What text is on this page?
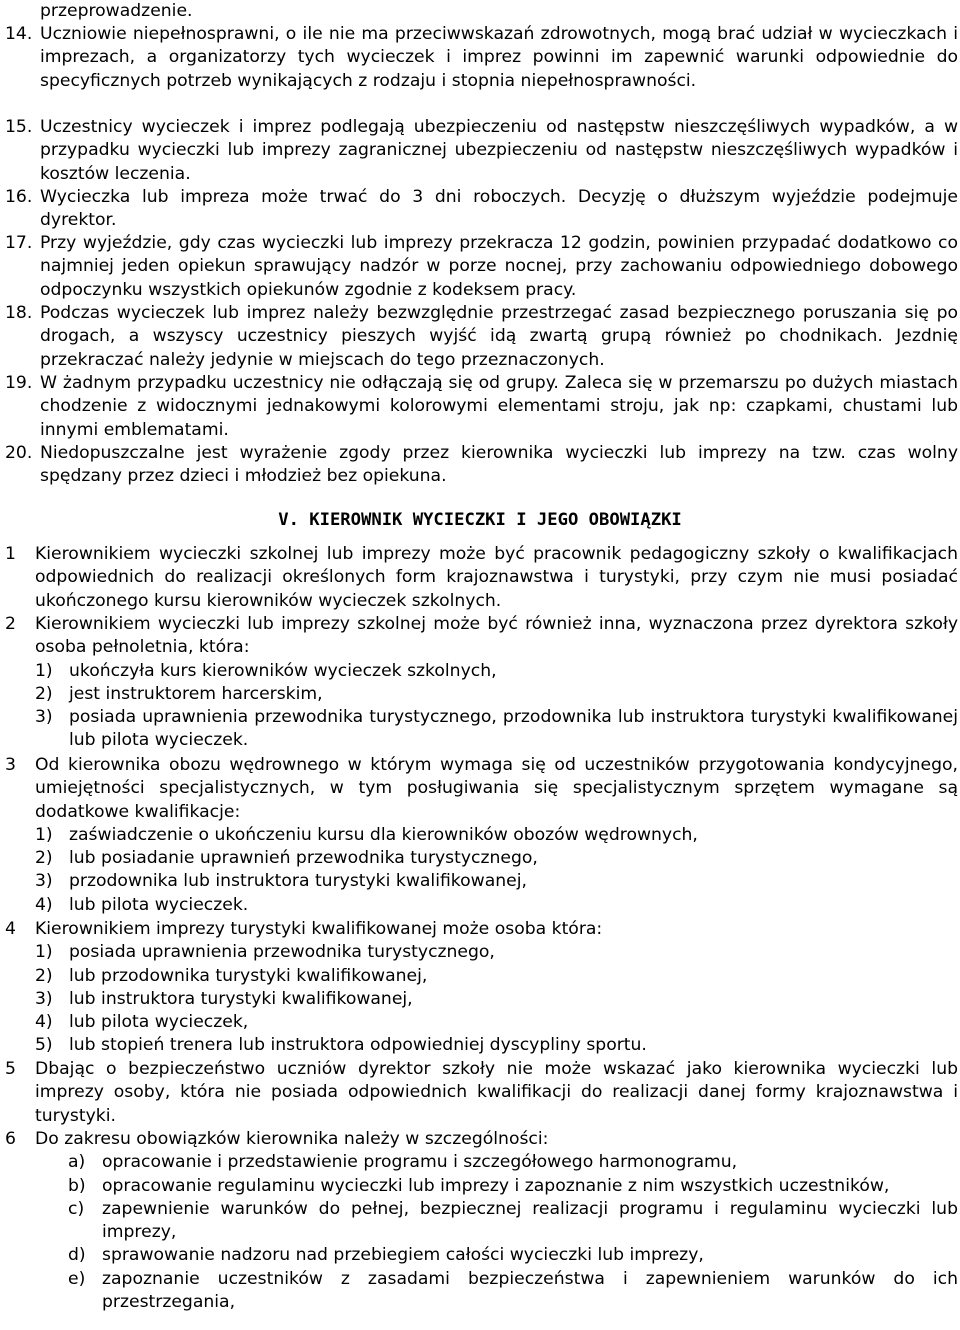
przeprowadzenie.
14. Uczniowie niepełnosprawni, o ile nie ma przeciwwskazań zdrowotnych, mogą brać udział w wycieczkach i imprezach, a organizatorzy tych wycieczek i imprez powinni im zapewnić warunki odpowiednie do specyficznych potrzeb wynikających z rodzaju i stopnia niepełnosprawności.
15. Uczestnicy wycieczek i imprez podlegają ubezpieczeniu od następstw nieszczęśliwych wypadków, a w przypadku wycieczki lub imprezy zagranicznej ubezpieczeniu od następstw nieszczęśliwych wypadków i kosztów leczenia.
16. Wycieczka lub impreza może trwać do 3 dni roboczych. Decyzję o dłuższym wyjeździe podejmuje dyrektor.
17. Przy wyjeździe, gdy czas wycieczki lub imprezy przekracza 12 godzin, powinien przypadać dodatkowo co najmniej jeden opiekun sprawujący nadzór w porze nocnej, przy zachowaniu odpowiedniego dobowego odpoczynku wszystkich opiekunów zgodnie z kodeksem pracy.
18. Podczas wycieczek lub imprez należy bezwzględnie przestrzegać zasad bezpiecznego poruszania się po drogach, a wszyscy uczestnicy pieszych wyjść idą zwartą grupą również po chodnikach. Jezdnię przekraczać należy jedynie w miejscach do tego przeznaczonych.
19. W żadnym przypadku uczestnicy nie odłączają się od grupy. Zaleca się w przemarszu po dużych miastach chodzenie z widocznymi jednakowymi kolorowymi elementami stroju, jak np: czapkami, chustami lub innymi emblematami.
20. Niedopuszczalne jest wyrażenie zgody przez kierownika wycieczki lub imprezy na tzw. czas wolny spędzany przez dzieci i młodzież bez opiekuna.
V. KIEROWNIK WYCIECZKI I JEGO OBOWIĄZKI
1	Kierownikiem wycieczki szkolnej lub imprezy może być pracownik pedagogiczny szkoły o kwalifikacjach odpowiednich do realizacji określonych form krajoznawstwa i turystyki, przy czym nie musi posiadać ukończonego kursu kierowników wycieczek szkolnych.
2	Kierownikiem wycieczki lub imprezy szkolnej może być również inna, wyznaczona przez dyrektora szkoły osoba pełnoletnia, która:
1) ukończyła kurs kierowników wycieczek szkolnych,
2) jest instruktorem harcerskim,
3) posiada uprawnienia przewodnika turystycznego, przodownika lub instruktora turystyki kwalifikowanej lub pilota wycieczek.
3	Od kierownika obozu wędrownego w którym wymaga się od uczestników przygotowania kondycyjnego, umiejętności specjalistycznych, w tym posługiwania się specjalistycznym sprzętem wymagane są dodatkowe kwalifikacje:
1) zaświadczenie o ukończeniu kursu dla kierowników obozów wędrownych,
2) lub posiadanie uprawnień przewodnika turystycznego,
3) przodownika lub instruktora turystyki kwalifikowanej,
4) lub pilota wycieczek.
4	Kierownikiem imprezy turystyki kwalifikowanej może osoba która:
1) posiada uprawnienia przewodnika turystycznego,
2) lub przodownika turystyki kwalifikowanej,
3) lub instruktora turystyki kwalifikowanej,
4) lub pilota wycieczek,
5) lub stopień trenera lub instruktora odpowiedniej dyscypliny sportu.
5	Dbając o bezpieczeństwo uczniów dyrektor szkoły nie może wskazać jako kierownika wycieczki lub imprezy osoby, która nie posiada odpowiednich kwalifikacji do realizacji danej formy krajoznawstwa i turystyki.
6	Do zakresu obowiązków kierownika należy w szczególności:
a) opracowanie i przedstawienie programu i szczegółowego harmonogramu,
b) opracowanie regulaminu wycieczki lub imprezy i zapoznanie z nim wszystkich uczestników,
c)	zapewnienie warunków do pełnej, bezpiecznej realizacji programu i regulaminu wycieczki lub imprezy,
d) sprawowanie nadzoru nad przebiegiem całości wycieczki lub imprezy,
e) zapoznanie uczestników z zasadami bezpieczeństwa i zapewnieniem warunków do ich przestrzegania,
